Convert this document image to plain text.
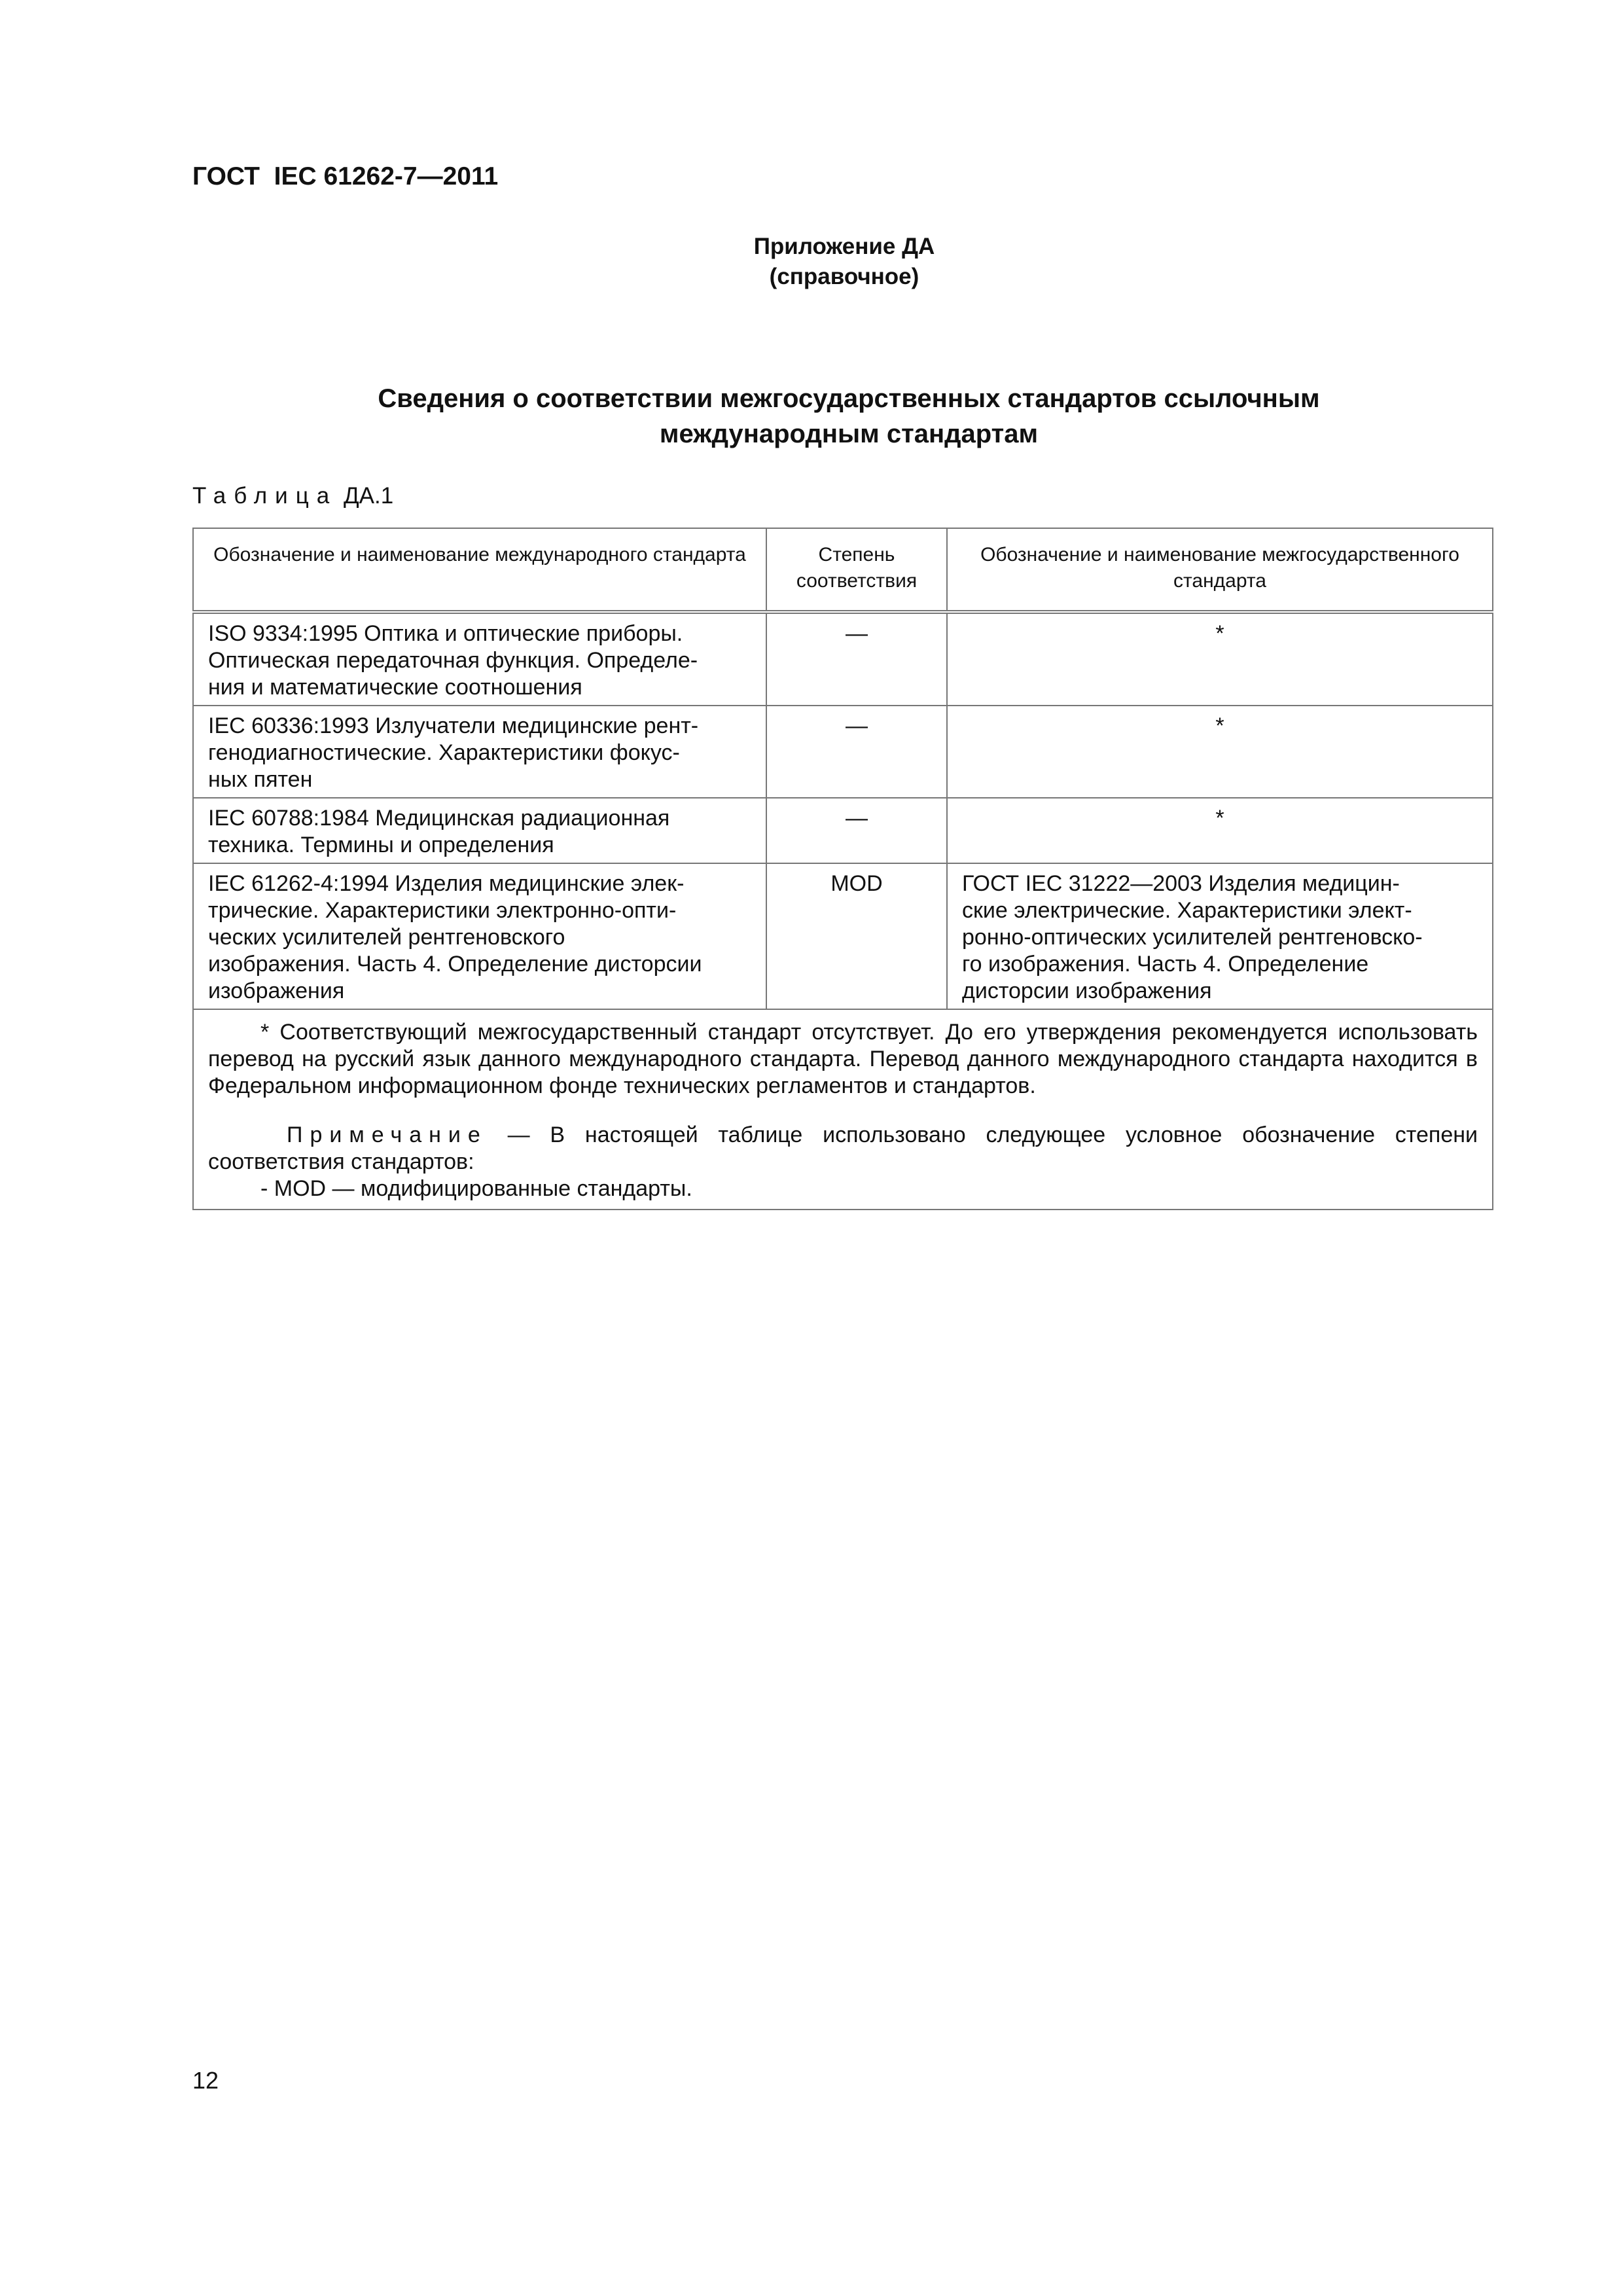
ГОСТ  IEC 61262-7—2011
Приложение ДА
(справочное)
Сведения о соответствии межгосударственных стандартов ссылочным
международным стандартам
Таблица ДА.1
Обозначение и наименование международного стандарта	Степень соответствия	Обозначение и наименование межгосударственного стандарта

ISO 9334:1995 Оптика и оптические приборы.
Оптическая передаточная функция. Определе-
ния и математические соотношения	—	*

IEC 60336:1993 Излучатели медицинские рент-
генодиагностические. Характеристики фокус-
ных пятен	—	*

IEC 60788:1984 Медицинская радиационная
техника. Термины и определения	—	*

IEC 61262-4:1994 Изделия медицинские элек-
трические. Характеристики электронно-опти-
ческих усилителей рентгеновского
изображения. Часть 4. Определение дисторсии
изображения	MOD	ГОСТ IEC 31222—2003 Изделия медицин-
ские электрические. Характеристики элект-
ронно-оптических усилителей рентгеновско-
го изображения. Часть 4. Определение
дисторсии изображения

* Соответствующий межгосударственный стандарт отсутствует. До его утверждения рекомендуется использовать перевод на русский язык данного международного стандарта. Перевод данного международного стандарта находится в Федеральном информационном фонде технических регламентов и стандартов.

Примечание — В настоящей таблице использовано следующее условное обозначение степени соответствия стандартов:

- MOD — модифицированные стандарты.		

12
